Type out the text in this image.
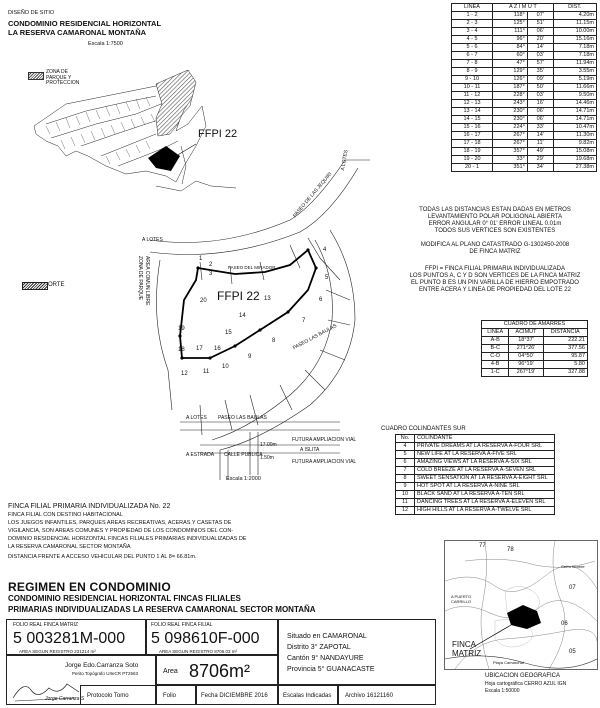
DISEÑO DE SITIO
CONDOMINIO RESIDENCIAL HORIZONTAL
LA RESERVA CAMARONAL MONTAÑA
Escala 1:7500
ZONA DE PARQUE Y PROTECCION
FFPI 22
LINEA	A Z I M U T		DIST.
1 - 2	118°	07'	4.20m
2 - 3	125°	51'	11.15m
3 - 4	111°	06'	10.00m
4 - 5	96°	20'	15.16m
5 - 6	84°	14'	7.18m
6 - 7	60°	03'	7.18m
7 - 8	47°	57'	11.94m
8 - 9	129°	35'	3.55m
9 - 10	126°	09'	5.19m
10 - 11	187°	50'	11.66m
11 - 12	228°	03'	9.50m
12 - 13	243°	16'	14.46m
13 - 14	230°	06'	14.71m
14 - 15	230°	06'	14.71m
15 - 16	224°	33'	10.47m
16 - 17	267°	14'	11.30m
17 - 18	267°	11'	9.82m
18 - 19	357°	49'	15.08m
19 - 20	33°	29'	19.68m
20 - 1	351°	34'	27.38m
TODAS LAS DISTANCIAS ESTAN DADAS EN METROS
LEVANTAMIENTO POLAR POLIGONAL ABIERTA
ERROR ANGULAR 0° 01' ERROR LINEAL 0.01m
TODOS SUS VERTICES SON EXISTENTES
MODIFICA AL PLANO CATASTRADO G-1302450-2008
DE FINCA MATRIZ
FFPI = FINCA FILIAL PRIMARIA INDIVIDUALIZADA
LOS PUNTOS A, C Y D SON VERTICES DE LA FINCA MATRIZ
EL PUNTO B ES UN PIN VARILLA DE HIERRO EMPOTRADO
ENTRE ACERA Y LINEA DE PROPIEDAD DEL LOTE 22
CUADRO DE AMARRES		
LINEA	ACIMUT	DISTANCIA
A-B	18°37'	222.21
B-C	271°26'	377.56
C-D	04°50'	95.87
4-B	96°19'	5.80
1-C	267°19'	327.88
CUADRO COLINDANTES SUR
No.	COLINDANTE
4	PRIVATE DREAMS AT LA RESERVA A-FOUR SRL
5	NEW LIFE AT LA RESERVA A-FIVE SRL
6	AMAZING VIEWS AT LA RESERVA A-SIX SRL
7	COLD BREEZE AT LA RESERVA A-SEVEN SRL
8	SWEET SENSATION AT LA RESERVA A-EIGHT SRL
9	HOT SPOT AT LA RESERVA A-NINE SRL
10	BLACK SAND AT LA RESERVA A-TEN SRL
11	DANCING TREES AT LA RESERVA A-ELEVEN SRL
12	HIGH HILLS AT LA RESERVA A-TWELVE SRL
ORTE
1
2
3
4
5
6
7
8
9
10
11
12
13
14
15
16
17
18
19
20 FFPI 22
A LOTES
PASEO DEL MIRADOR
PASEO DE LAS JEQUIRI
A LOTES
AREA COMUN LIBRE ZONA DE PARQUE
PASEO LAS BAULAS
A LOTES PASEO LAS BAULAS
FUTURA AMPLIACION VIAL
17.00m
A ESTRADA CALLE PUBLICA
A ISLITA
1.50m
FUTURA AMPLIACION VIAL
Escala 1:2000
FINCA FILIAL PRIMARIA INDIVIDUALIZADA No. 22
FINCA FILIAL CON DESTINO HABITACIONAL
LOS JUEGOS INFANTILES, PARQUES AREAS RECREATIVAS, ACERAS Y CASETAS DE
VIGILANCIA, SON AREAS COMUNES Y PROPIEDAD DE LOS CONDOMINIOS DEL CON-
DOMINIO RESIDENCIAL HORIZONTAL FINCAS FILIALES PRIMARIAS INDIVIDUALIZADAS DE
LA RESERVA CAMARONAL SECTOR MONTAÑA
DISTANCIA FRENTE A ACCESO VEHICULAR DEL PUNTO 1 AL 8= 66.81m.
REGIMEN EN CONDOMINIO
CONDOMINIO RESIDENCIAL HORIZONTAL FINCAS FILIALES
PRIMARIAS INDIVIDUALIZADAS LA RESERVA CAMARONAL SECTOR MONTAÑA
FOLIO REAL FINCA MATRIZ
5 003281M-000
AREA SEGUN REGISTRO 231214 m²
FOLIO REAL FINCA FILIAL
5 098610F-000
AREA SEGUN REGISTRO 8706.03 m²
Situado en CAMARONAL
Distrito 3° ZAPOTAL
Cantón 9° NANDAYURE
Provincia 5° GUANACASTE
Jorge Carranza S
Jorge Edo.Carranza Soto
Perito Topógrafo UIIeCR PT2563	Area 8706m²
Protocolo Tomo	Folio	Fecha DICIEMBRE 2016	Escalas Indicadas Archivo 16121160
77
78
07
06
05
A PUERTO CARRILLO
Playa Camaronal
Cerro Morete
FINCA MATRIZ
UBICACION GEOGRAFICA
Hoja cartográfica CERRO AZUL IGN
Escala 1:50000
